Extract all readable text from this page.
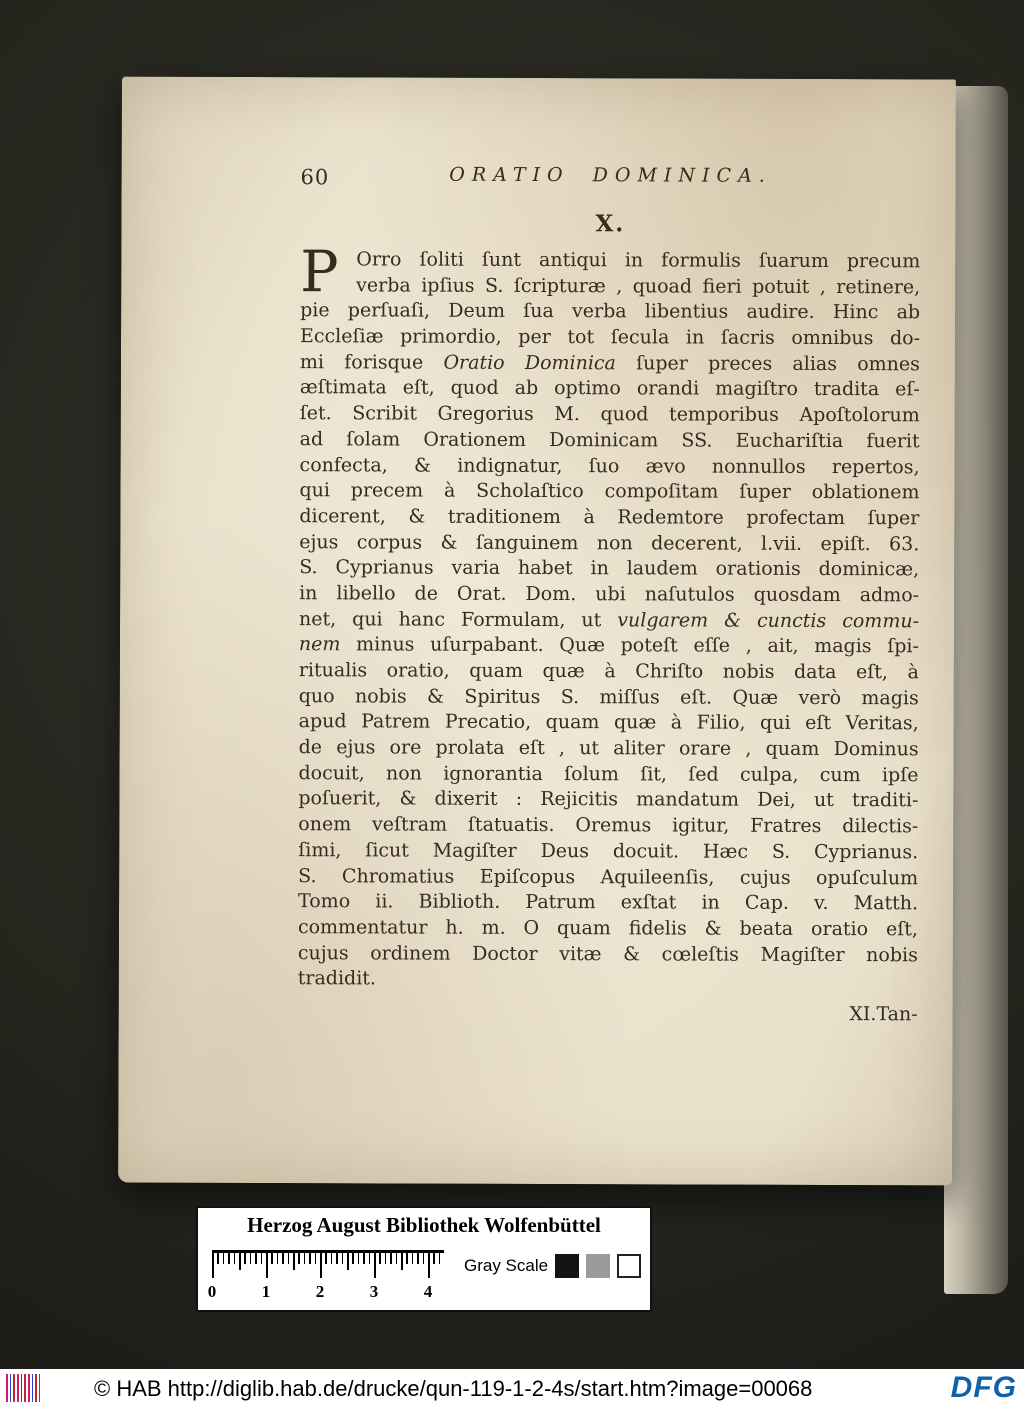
60	ORATIO DOMINICA.
X.
P Orro ſoliti ſunt antiqui in formulis ſuarum precum
verba ipſius S. ſcripturæ , quoad fieri potuit , retinere,
pie perſuaſi, Deum ſua verba libentius audire. Hinc ab
Eccleſiæ primordio, per tot ſecula in ſacris omnibus do-
mi forisque Oratio Dominica ſuper preces alias omnes
æſtimata eſt, quod ab optimo orandi magiſtro tradita eſ-
ſet. Scribit Gregorius M. quod temporibus Apoſtolorum
ad ſolam Orationem Dominicam SS. Euchariſtia fuerit
confecta, & indignatur, ſuo ævo nonnullos repertos,
qui precem à Scholaſtico compoſitam ſuper oblationem
dicerent, & traditionem à Redemtore profectam ſuper
ejus corpus & ſanguinem non decerent, l.vii. epiſt. 63.
S. Cyprianus varia habet in laudem orationis dominicæ,
in libello de Orat. Dom. ubi naſutulos quosdam admo-
net, qui hanc Formulam, ut vulgarem & cunctis commu-
nem minus uſurpabant. Quæ poteſt eſſe , ait, magis ſpi-
ritualis oratio, quam quæ à Chriſto nobis data eſt, à
quo nobis & Spiritus S. miſſus eſt. Quæ verò magis
apud Patrem Precatio, quam quæ à Filio, qui eſt Veritas,
de ejus ore prolata eſt , ut aliter orare , quam Dominus
docuit, non ignorantia ſolum ſit, ſed culpa, cum ipſe
poſuerit, & dixerit : Rejicitis mandatum Dei, ut traditi-
onem veſtram ſtatuatis. Oremus igitur, Fratres dilectis-
ſimi, ſicut Magiſter Deus docuit. Hæc S. Cyprianus.
S. Chromatius Epiſcopus Aquileenſis, cujus opuſculum
Tomo ii. Biblioth. Patrum exſtat in Cap. v. Matth.
commentatur h. m. O quam fidelis & beata oratio eſt,
cujus ordinem Doctor vitæ & cœleſtis Magiſter nobis
tradidit.
XI.Tan-
Herzog August Bibliothek Wolfenbüttel
Gray Scale
0	1	2	3	4
© HAB http://diglib.hab.de/drucke/qun-119-1-2-4s/start.htm?image=00068	DFG
